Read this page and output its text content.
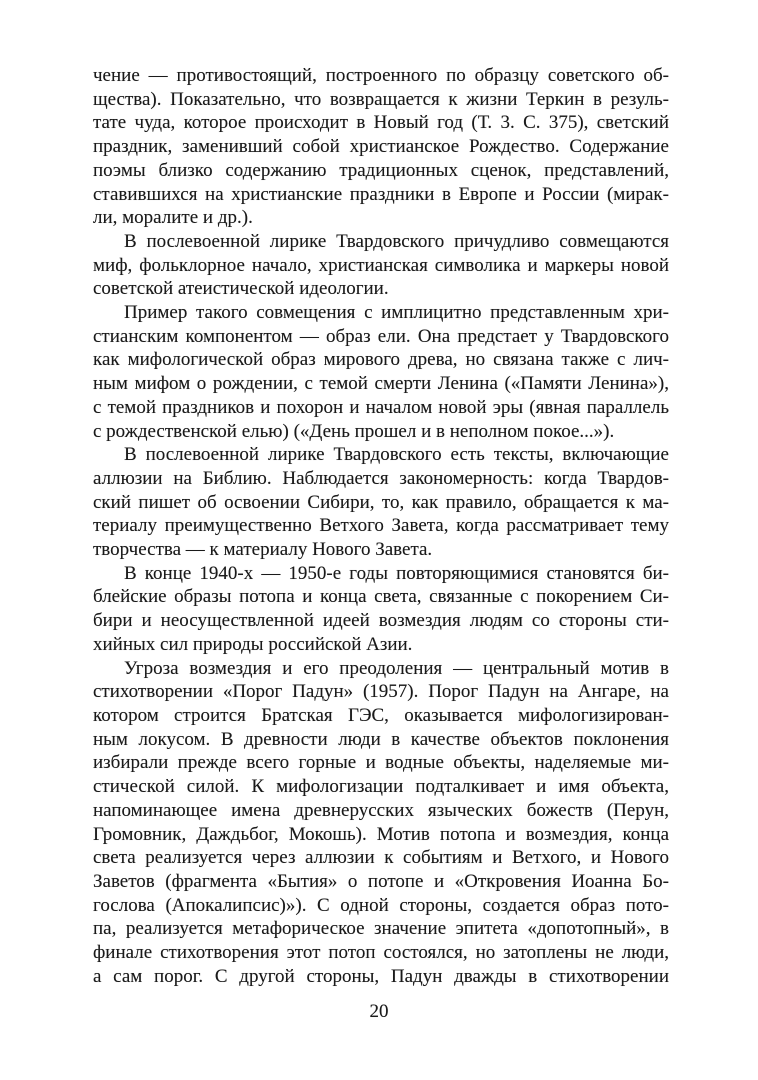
чение — противостоящий, построенного по образцу советского об-
щества). Показательно, что возвращается к жизни Теркин в резуль-
тате чуда, которое происходит в Новый год (Т. 3. С. 375), светский
праздник, заменивший собой христианское Рождество. Содержание
поэмы близко содержанию традиционных сценок, представлений,
ставившихся на христианские праздники в Европе и России (мирак-
ли, моралите и др.).
В послевоенной лирике Твардовского причудливо совмещаются
миф, фольклорное начало, христианская символика и маркеры новой
советской атеистической идеологии.
Пример такого совмещения с имплицитно представленным хри-
стианским компонентом — образ ели. Она предстает у Твардовского
как мифологической образ мирового древа, но связана также с лич-
ным мифом о рождении, с темой смерти Ленина («Памяти Ленина»),
с темой праздников и похорон и началом новой эры (явная параллель
с рождественской елью) («День прошел и в неполном покое...»).
В послевоенной лирике Твардовского есть тексты, включающие
аллюзии на Библию. Наблюдается закономерность: когда Твардов-
ский пишет об освоении Сибири, то, как правило, обращается к ма-
териалу преимущественно Ветхого Завета, когда рассматривает тему
творчества — к материалу Нового Завета.
В конце 1940-х — 1950-е годы повторяющимися становятся би-
блейские образы потопа и конца света, связанные с покорением Си-
бири и неосуществленной идеей возмездия людям со стороны сти-
хийных сил природы российской Азии.
Угроза возмездия и его преодоления — центральный мотив в
стихотворении «Порог Падун» (1957). Порог Падун на Ангаре, на
котором строится Братская ГЭС, оказывается мифологизирован-
ным локусом. В древности люди в качестве объектов поклонения
избирали прежде всего горные и водные объекты, наделяемые ми-
стической силой. К мифологизации подталкивает и имя объекта,
напоминающее имена древнерусских языческих божеств (Перун,
Громовник, Даждьбог, Мокошь). Мотив потопа и возмездия, конца
света реализуется через аллюзии к событиям и Ветхого, и Нового
Заветов (фрагмента «Бытия» о потопе и «Откровения Иоанна Бо-
гослова (Апокалипсис)»). С одной стороны, создается образ пото-
па, реализуется метафорическое значение эпитета «допотопный», в
финале стихотворения этот потоп состоялся, но затоплены не люди,
а сам порог. С другой стороны, Падун дважды в стихотворении
20
